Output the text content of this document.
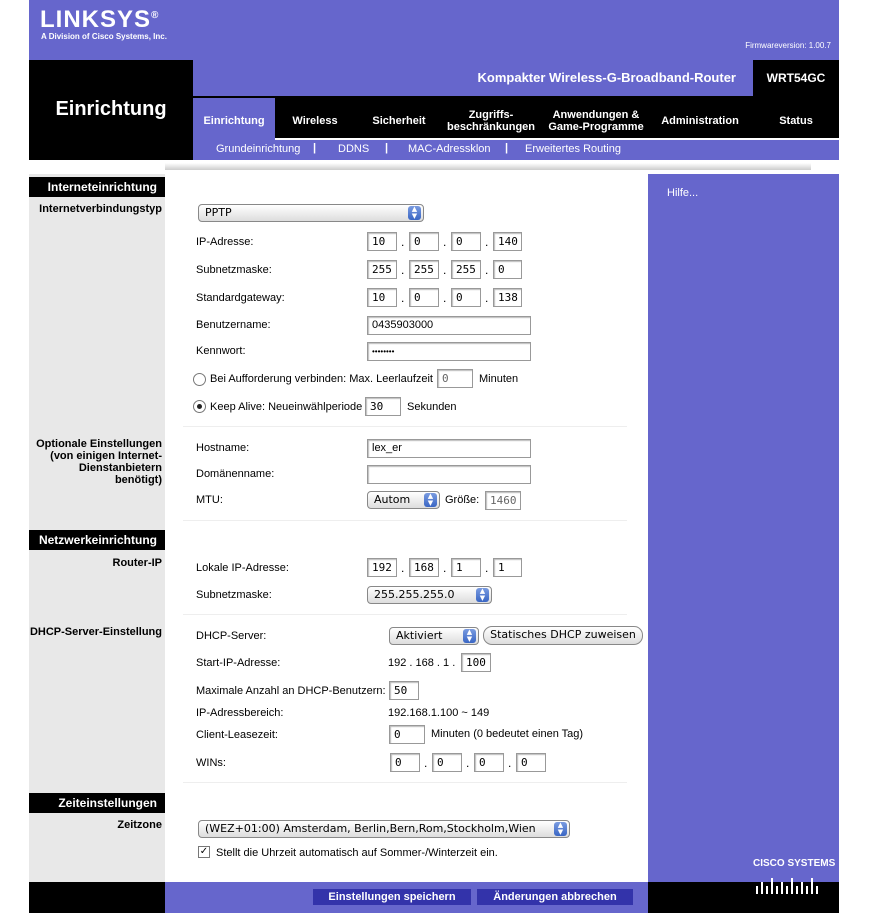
LINKSYS®
A Division of Cisco Systems, Inc.
Firmwareversion: 1.00.7
Einrichtung
Kompakter Wireless-G-Broadband-Router	WRT54GC
Einrichtung	Wireless	Sicherheit	Zugriffs-
beschränkungen
Anwendungen &
Game-Programme	Administration	Status
Grundeinrichtung | DDNS | MAC-Adressklon | Erweitertes Routing
Hilfe...
Interneteinrichtung
Internetverbindungstyp	PPTP	▲
▼
IP-Adresse:	10	. 0	. 0	. 140
Subnetzmaske:	255 . 255 . 255 . 0
Standardgateway:	10	. 0	. 0	. 138
Benutzername:	0435903000
Kennwort:	••••••••
Bei Aufforderung verbinden: Max. Leerlaufzeit 0	Minuten
Keep Alive: Neueinwählperiode 30	Sekunden
Optionale Einstellungen
(von einigen Internet-
Dienstanbietern
benötigt)
Hostname:	lex_er
Domänenname:
MTU:	Autom	▲
▼	Größe: 1460
Netzwerkeinrichtung
Router-IP	Lokale IP-Adresse:	192 . 168 . 1	. 1
Subnetzmaske:	255.255.255.0	▲
▼
DHCP-Server-Einstellung	DHCP-Server:	Aktiviert	▲
▼	Statisches DHCP zuweisen
Start-IP-Adresse:	192 . 168 . 1 . 100
Maximale Anzahl an DHCP-Benutzern: 50
IP-Adressbereich:	192.168.1.100 ~ 149
Client-Leasezeit:	0	Minuten (0 bedeutet einen Tag)
WINs:	0	. 0	. 0	. 0
Zeiteinstellungen
Zeitzone	(WEZ+01:00) Amsterdam, Berlin,Bern,Rom,Stockholm,Wien	▲
▼
✓ Stellt die Uhrzeit automatisch auf Sommer-/Winterzeit ein.
Einstellungen speichern	Änderungen abbrechen
CISCO SYSTEMS
